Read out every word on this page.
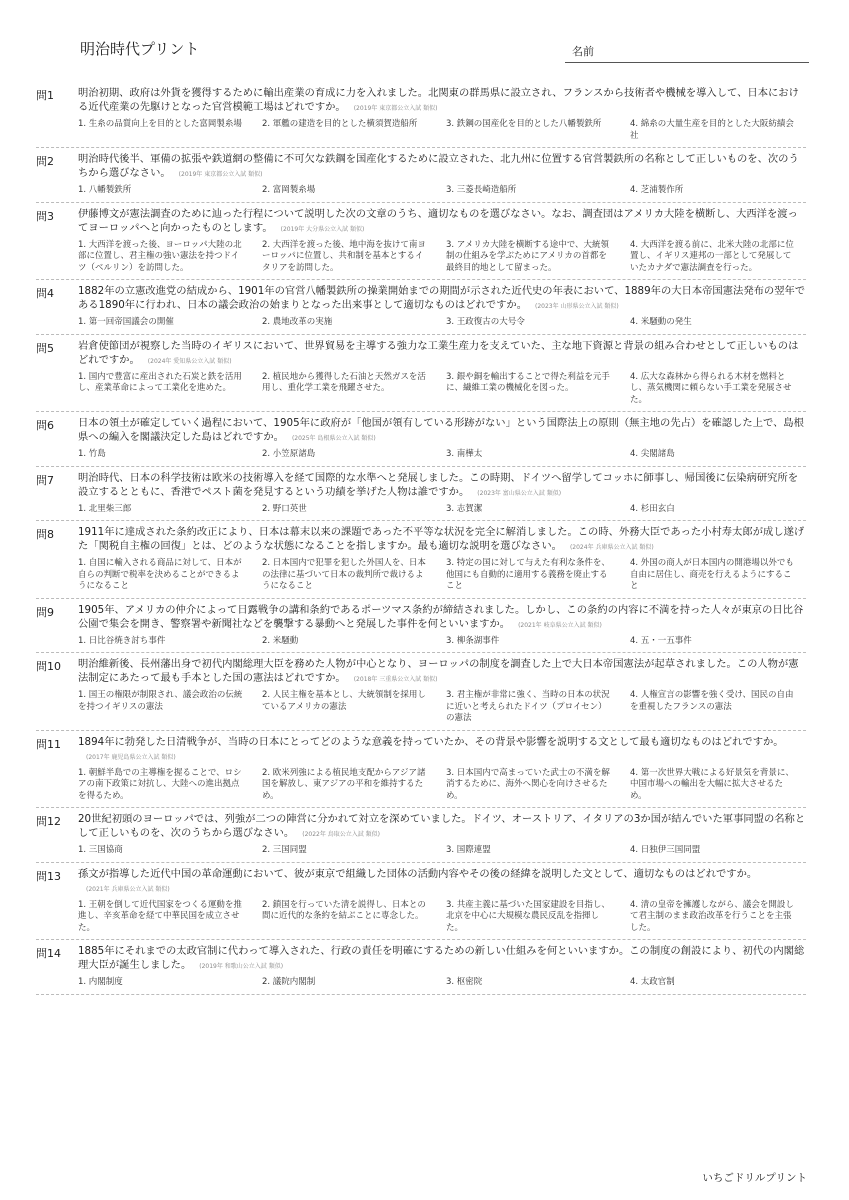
明治時代プリント	名前
問1	明治初期、政府は外貨を獲得するために輸出産業の育成に力を入れました。北関東の群馬県に設立され、フランスから技術者や機械を導入して、日本における近代産業の先駆けとなった官営模範工場はどれですか。 (2019年 東京都公立入試 類似)
1. 生糸の品質向上を目的とした富岡製糸場	2. 軍艦の建造を目的とした横須賀造船所	3. 鉄鋼の国産化を目的とした八幡製鉄所	4. 綿糸の大量生産を目的とした大阪紡績会社
問2	明治時代後半、軍備の拡張や鉄道網の整備に不可欠な鉄鋼を国産化するために設立された、北九州に位置する官営製鉄所の名称として正しいものを、次のうちから選びなさい。 (2019年 東京都公立入試 類似)
1. 八幡製鉄所	2. 富岡製糸場	3. 三菱長崎造船所	4. 芝浦製作所
問3	伊藤博文が憲法調査のために辿った行程について説明した次の文章のうち、適切なものを選びなさい。なお、調査団はアメリカ大陸を横断し、大西洋を渡ってヨーロッパへと向かったものとします。 (2019年 大分県公立入試 類似)
1. 大西洋を渡った後、ヨーロッパ大陸の北部に位置し、君主権の強い憲法を持つドイツ（ベルリン）を訪問した。
2. 大西洋を渡った後、地中海を抜けて南ヨーロッパに位置し、共和制を基本とするイタリアを訪問した。
3. アメリカ大陸を横断する途中で、大統領制の仕組みを学ぶためにアメリカの首都を最終目的地として留まった。
4. 大西洋を渡る前に、北米大陸の北部に位置し、イギリス連邦の一部として発展していたカナダで憲法調査を行った。
問4	1882年の立憲改進党の結成から、1901年の官営八幡製鉄所の操業開始までの期間が示された近代史の年表において、1889年の大日本帝国憲法発布の翌年である1890年に行われ、日本の議会政治の始まりとなった出来事として適切なものはどれですか。 (2023年 山形県公立入試 類似)
1. 第一回帝国議会の開催	2. 農地改革の実施	3. 王政復古の大号令	4. 米騒動の発生
問5	岩倉使節団が視察した当時のイギリスにおいて、世界貿易を主導する強力な工業生産力を支えていた、主な地下資源と背景の組み合わせとして正しいものはどれですか。 (2024年 愛知県公立入試 類似)
1. 国内で豊富に産出された石炭と鉄を活用し、産業革命によって工業化を進めた。
2. 植民地から獲得した石油と天然ガスを活用し、重化学工業を飛躍させた。
3. 銀や銅を輸出することで得た利益を元手に、繊維工業の機械化を図った。
4. 広大な森林から得られる木材を燃料とし、蒸気機関に頼らない手工業を発展させた。
問6	日本の領土が確定していく過程において、1905年に政府が「他国が領有している形跡がない」という国際法上の原則（無主地の先占）を確認した上で、島根県への編入を閣議決定した島はどれですか。 (2025年 島根県公立入試 類似)
1. 竹島	2. 小笠原諸島	3. 南樺太	4. 尖閣諸島
問7	明治時代、日本の科学技術は欧米の技術導入を経て国際的な水準へと発展しました。この時期、ドイツへ留学してコッホに師事し、帰国後に伝染病研究所を設立するとともに、香港でペスト菌を発見するという功績を挙げた人物は誰ですか。 (2023年 富山県公立入試 類似)
1. 北里柴三郎	2. 野口英世	3. 志賀潔	4. 杉田玄白
問8	1911年に達成された条約改正により、日本は幕末以来の課題であった不平等な状況を完全に解消しました。この時、外務大臣であった小村寿太郎が成し遂げた「関税自主権の回復」とは、どのような状態になることを指しますか。最も適切な説明を選びなさい。 (2024年 兵庫県公立入試 類似)
1. 自国に輸入される商品に対して、日本が自らの判断で税率を決めることができるようになること
2. 日本国内で犯罪を犯した外国人を、日本の法律に基づいて日本の裁判所で裁けるようになること
3. 特定の国に対して与えた有利な条件を、他国にも自動的に適用する義務を廃止すること
4. 外国の商人が日本国内の開港場以外でも自由に居住し、商売を行えるようにすること
問9	1905年、アメリカの仲介によって日露戦争の講和条約であるポーツマス条約が締結されました。しかし、この条約の内容に不満を持った人々が東京の日比谷公園で集会を開き、警察署や新聞社などを襲撃する暴動へと発展した事件を何といいますか。 (2021年 岐阜県公立入試 類似)
1. 日比谷焼き討ち事件	2. 米騒動	3. 柳条湖事件	4. 五・一五事件
問10	明治維新後、長州藩出身で初代内閣総理大臣を務めた人物が中心となり、ヨーロッパの制度を調査した上で大日本帝国憲法が起草されました。この人物が憲法制定にあたって最も手本とした国の憲法はどれですか。 (2018年 三重県公立入試 類似)
1. 国王の権限が制限され、議会政治の伝統を持つイギリスの憲法
2. 人民主権を基本とし、大統領制を採用しているアメリカの憲法
3. 君主権が非常に強く、当時の日本の状況に近いと考えられたドイツ（プロイセン）の憲法
4. 人権宣言の影響を強く受け、国民の自由を重視したフランスの憲法
問11	1894年に勃発した日清戦争が、当時の日本にとってどのような意義を持っていたか、その背景や影響を説明する文として最も適切なものはどれですか。(2017年 鹿児島県公立入試 類似)
1. 朝鮮半島での主導権を握ることで、ロシアの南下政策に対抗し、大陸への進出拠点を得るため。
2. 欧米列強による植民地支配からアジア諸国を解放し、東アジアの平和を維持するため。
3. 日本国内で高まっていた武士の不満を解消するために、海外へ関心を向けさせるため。
4. 第一次世界大戦による好景気を背景に、中国市場への輸出を大幅に拡大させるため。
問12	20世紀初頭のヨーロッパでは、列強が二つの陣営に分かれて対立を深めていました。ドイツ、オーストリア、イタリアの3か国が結んでいた軍事同盟の名称として正しいものを、次のうちから選びなさい。 (2022年 鳥取公立入試 類似)
1. 三国協商	2. 三国同盟	3. 国際連盟	4. 日独伊三国同盟
問13	孫文が指導した近代中国の革命運動において、彼が東京で組織した団体の活動内容やその後の経緯を説明した文として、適切なものはどれですか。(2021年 兵庫県公立入試 類似)
1. 王朝を倒して近代国家をつくる運動を推進し、辛亥革命を経て中華民国を成立させた。
2. 鎖国を行っていた清を説得し、日本との間に近代的な条約を結ぶことに専念した。
3. 共産主義に基づいた国家建設を目指し、北京を中心に大規模な農民反乱を指揮した。
4. 清の皇帝を擁護しながら、議会を開設して君主制のまま政治改革を行うことを主張した。
問14	1885年にそれまでの太政官制に代わって導入された、行政の責任を明確にするための新しい仕組みを何といいますか。この制度の創設により、初代の内閣総理大臣が誕生しました。 (2019年 和歌山公立入試 類似)
1. 内閣制度	2. 議院内閣制	3. 枢密院	4. 太政官制
いちごドリルプリント
